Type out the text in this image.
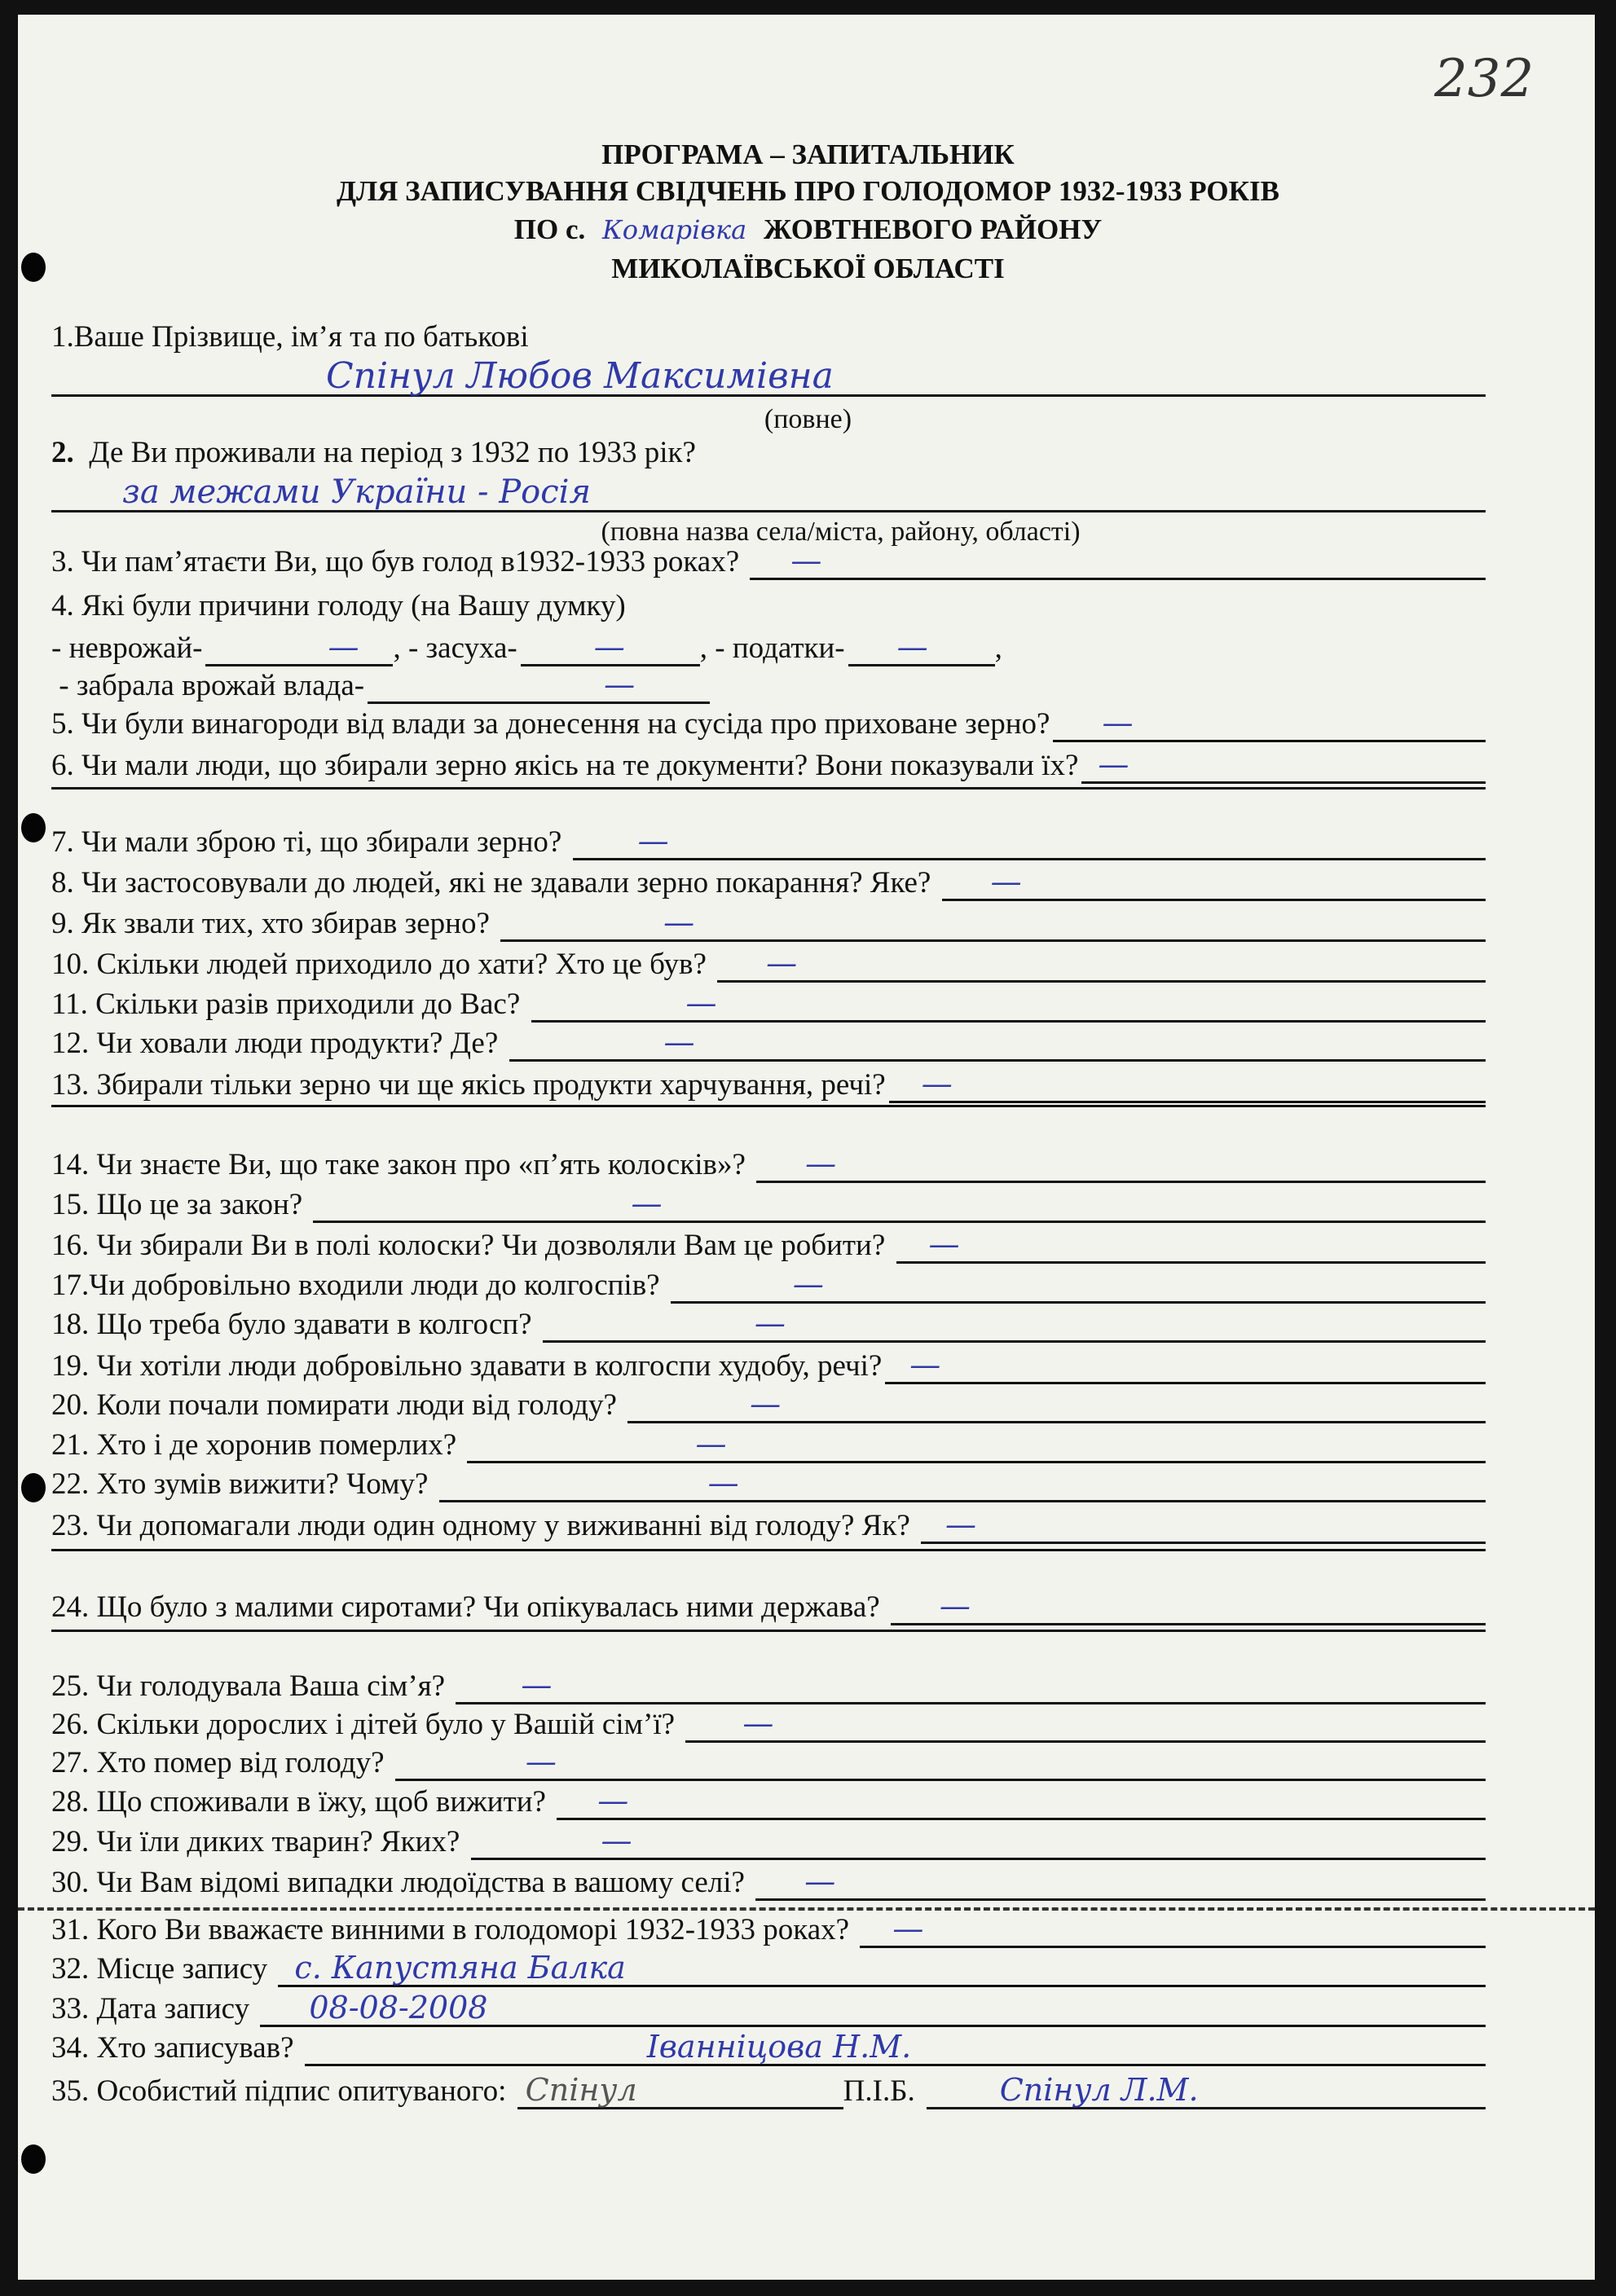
232
ПРОГРАМА – ЗАПИТАЛЬНИК
ДЛЯ ЗАПИСУВАННЯ СВІДЧЕНЬ ПРО ГОЛОДОМОР 1932-1933 РОКІВ
ПО с. Комарівка ЖОВТНЕВОГО РАЙОНУ
МИКОЛАЇВСЬКОЇ ОБЛАСТІ
1.Ваше Прізвище, ім’я та по батькові
Спінул Любов Максимівна
(повне)
2.
Де Ви проживали на період з 1932 по 1933 рік?
за межами України - Росія
(повна назва села/міста, району, області)
4. Які були причини голоду (на Вашу думку)
- неврожай-	— , - засуха- — , - податки- — ,
- забрала врожай влада-	—
3. Чи пам’ятаєти Ви, що був голод в1932-1933 роках? —
5. Чи були винагороди від влади за донесення на сусіда про приховане зерно? —
6. Чи мали люди, що збирали зерно якісь на те документи? Вони показували їх? —
7. Чи мали зброю ті, що збирали зерно? —
8. Чи застосовували до людей, які не здавали зерно покарання? Яке? —
9. Як звали тих, хто збирав зерно?	—
10. Скільки людей приходило до хати? Хто це був? —
11. Скільки разів приходили до Вас?	—
12. Чи ховали люди продукти? Де?	—
13. Збирали тільки зерно чи ще якісь продукти харчування, речі? —
14. Чи знаєте Ви, що таке закон про «п’ять колосків»? —
15. Що це за закон?	—
16. Чи збирали Ви в полі колоски? Чи дозволяли Вам це робити? —
17.Чи добровільно входили люди до колгоспів?	—
18. Що треба було здавати в колгосп?	—
19. Чи хотіли люди добровільно здавати в колгоспи худобу, речі? —
20. Коли почали помирати люди від голоду?	—
21. Хто і де хоронив померлих?	—
22. Хто зумів вижити? Чому?	—
23. Чи допомагали люди один одному у виживанні від голоду? Як? —
24. Що було з малими сиротами? Чи опікувалась ними держава? —
25. Чи голодувала Ваша сім’я? —
26. Скільки дорослих і дітей було у Вашій сім’ї? —
27. Хто помер від голоду?	—
28. Що споживали в їжу, щоб вижити? —
29. Чи їли диких тварин? Яких?	—
30. Чи Вам відомі випадки людоїдства в вашому селі? —
31. Кого Ви вважаєте винними в голодоморі 1932-1933 роках? —
32. Місце запису с. Капустяна Балка
33. Дата запису 08-08-2008
34. Хто записував?	Іванніцова Н.М.
35. Особистий підпис опитуваного: Спінул	П.І.Б.	Спінул Л.М.
